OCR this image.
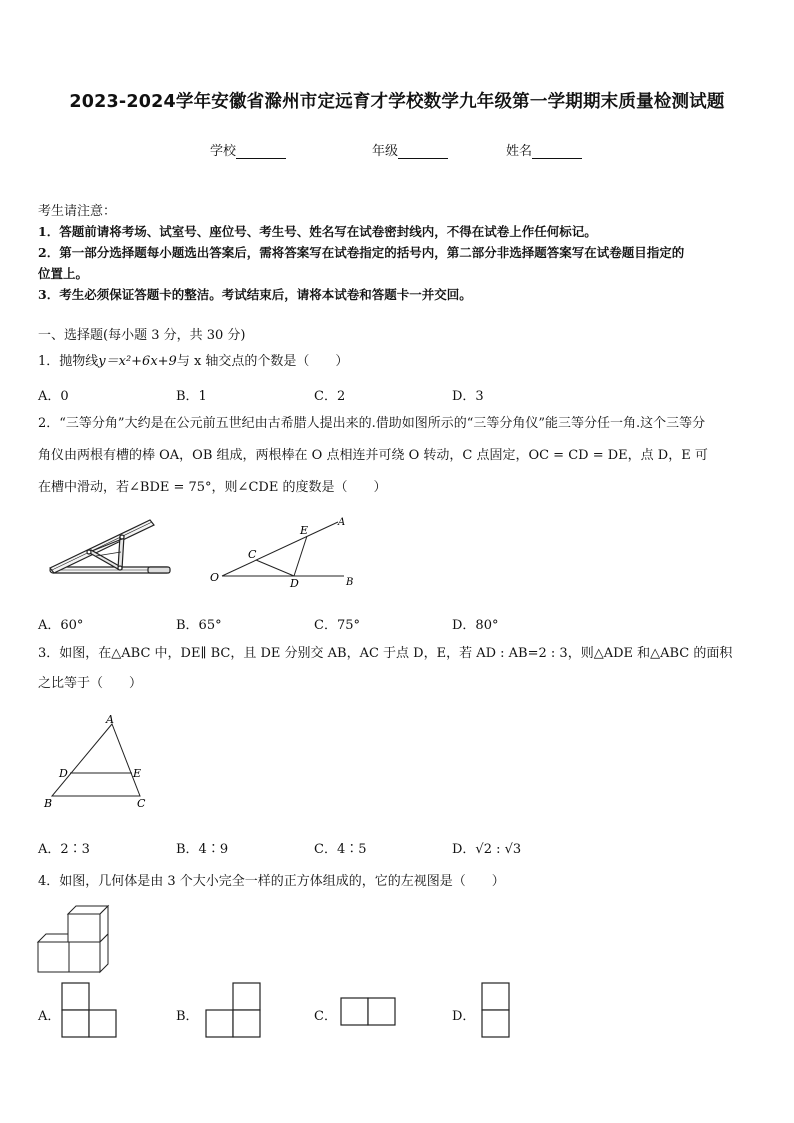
2023-2024学年安徽省滁州市定远育才学校数学九年级第一学期期末质量检测试题
学校	年级	姓名
考生请注意：
1．答题前请将考场、试室号、座位号、考生号、姓名写在试卷密封线内，不得在试卷上作任何标记。
2．第一部分选择题每小题选出答案后，需将答案写在试卷指定的括号内，第二部分非选择题答案写在试卷题目指定的
位置上。
3．考生必须保证答题卡的整洁。考试结束后，请将本试卷和答题卡一并交回。
一、选择题(每小题 3 分，共 30 分)
1．抛物线y＝x²+6x+9与 x 轴交点的个数是（　　）
A．0	B．1	C．2	D．3
2．“三等分角”大约是在公元前五世纪由古希腊人提出来的.借助如图所示的“三等分角仪”能三等分任一角.这个三等分
角仪由两根有槽的棒 OA，OB 组成，两根棒在 O 点相连并可绕 O 转动，C 点固定，OC = CD = DE，点 D，E 可
在槽中滑动，若∠BDE = 75°，则∠CDE 的度数是（　　）
O
C
D
E
A
B
A．60°	B．65°	C．75°	D．80°
3．如图，在△ABC 中，DE∥ BC，且 DE 分别交 AB，AC 于点 D，E，若 AD : AB=2 : 3，则△ADE 和△ABC 的面积
之比等于（　　）
A
B	C
D	E
A．2∶3	B．4∶9	C．4∶5	D．√2 : √3
4．如图，几何体是由 3 个大小完全一样的正方体组成的，它的左视图是（　　）
A．	B．	C．	D．
